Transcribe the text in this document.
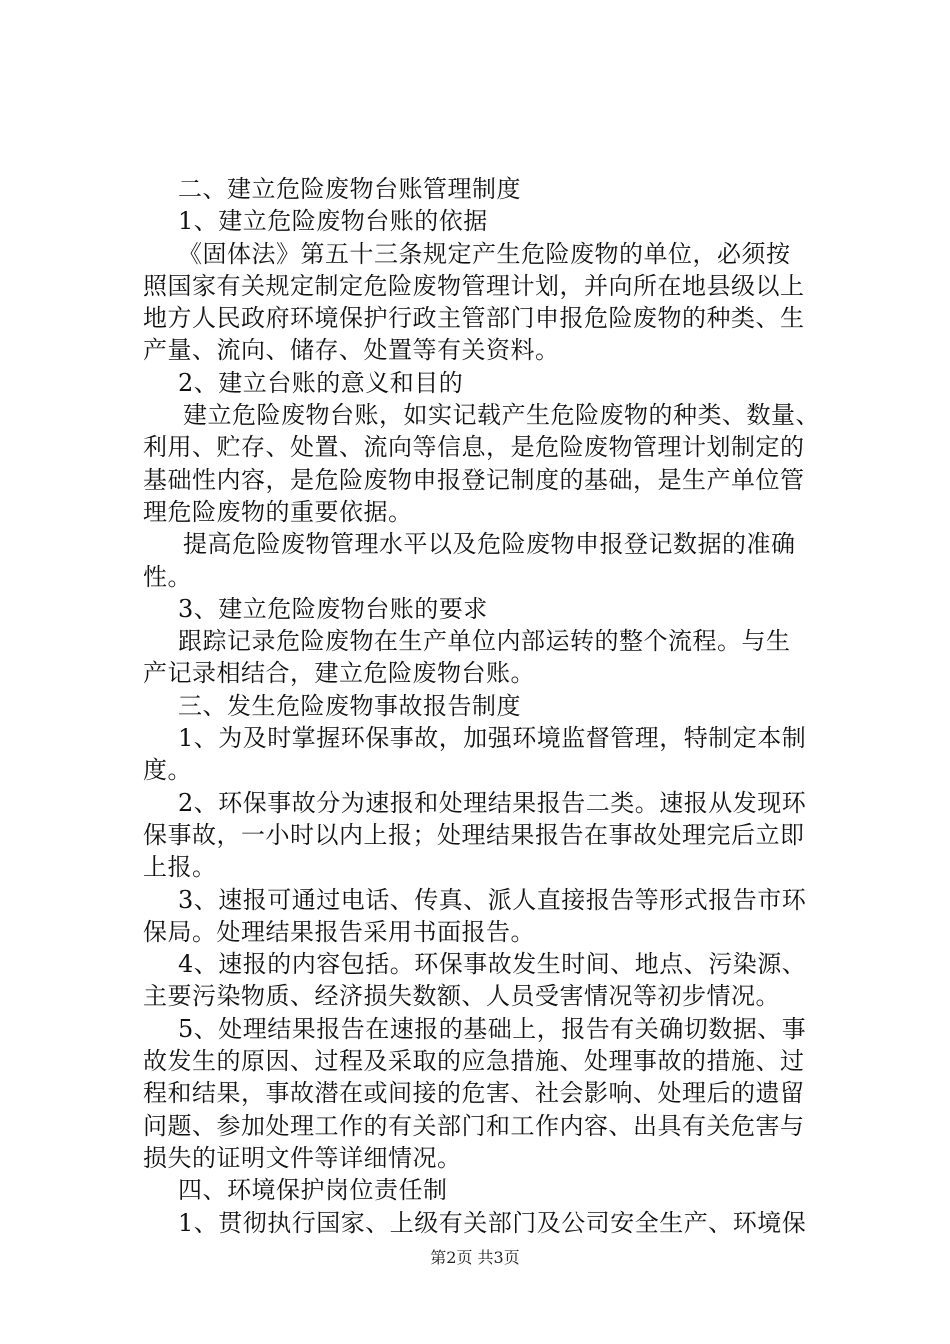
二、建立危险废物台账管理制度
1、建立危险废物台账的依据
《固体法》第五十三条规定产生危险废物的单位，必须按
照国家有关规定制定危险废物管理计划，并向所在地县级以上
地方人民政府环境保护行政主管部门申报危险废物的种类、生
产量、流向、储存、处置等有关资料。
2、建立台账的意义和目的
建立危险废物台账，如实记载产生危险废物的种类、数量、
利用、贮存、处置、流向等信息，是危险废物管理计划制定的
基础性内容，是危险废物申报登记制度的基础，是生产单位管
理危险废物的重要依据。
提高危险废物管理水平以及危险废物申报登记数据的准确
性。
3、建立危险废物台账的要求
跟踪记录危险废物在生产单位内部运转的整个流程。与生
产记录相结合，建立危险废物台账。
三、发生危险废物事故报告制度
1、为及时掌握环保事故，加强环境监督管理，特制定本制
度。
2、环保事故分为速报和处理结果报告二类。速报从发现环
保事故，一小时以内上报；处理结果报告在事故处理完后立即
上报。
3、速报可通过电话、传真、派人直接报告等形式报告市环
保局。处理结果报告采用书面报告。
4、速报的内容包括。环保事故发生时间、地点、污染源、
主要污染物质、经济损失数额、人员受害情况等初步情况。
5、处理结果报告在速报的基础上，报告有关确切数据、事
故发生的原因、过程及采取的应急措施、处理事故的措施、过
程和结果，事故潜在或间接的危害、社会影响、处理后的遗留
问题、参加处理工作的有关部门和工作内容、出具有关危害与
损失的证明文件等详细情况。
四、环境保护岗位责任制
1、贯彻执行国家、上级有关部门及公司安全生产、环境保
第2页 共3页
